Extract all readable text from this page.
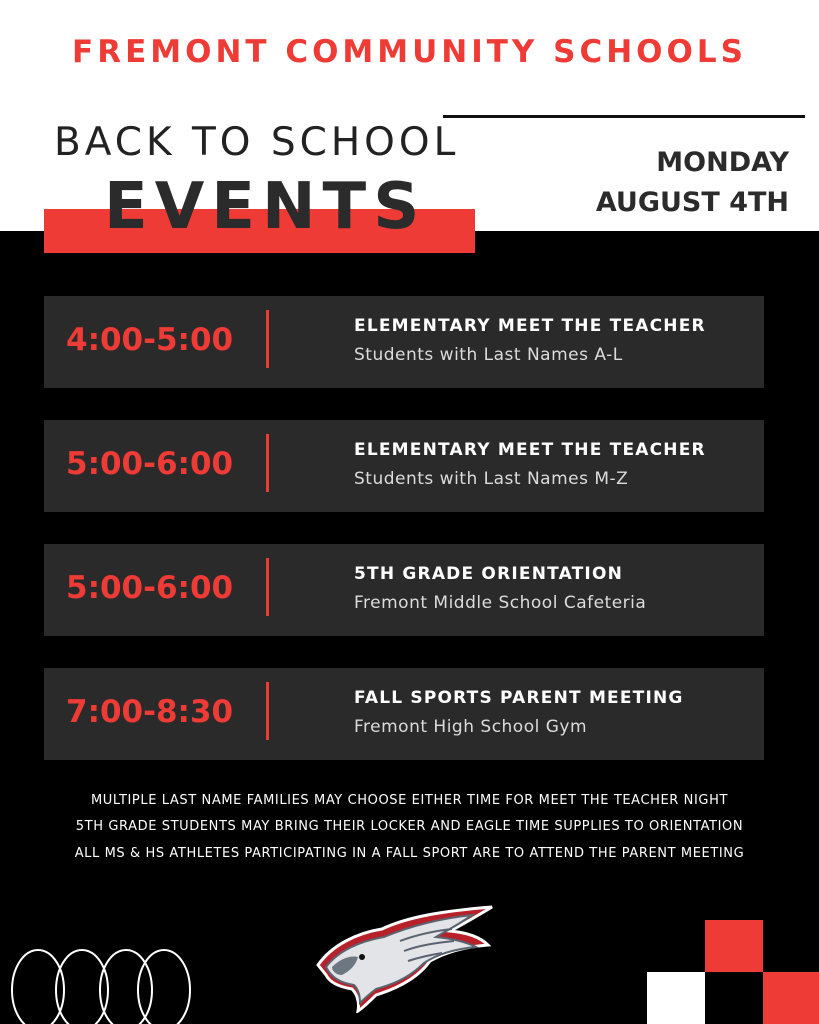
FREMONT COMMUNITY SCHOOLS
BACK TO SCHOOL
EVENTS
MONDAY
AUGUST 4TH
4:00-5:00	ELEMENTARY MEET THE TEACHER
Students with Last Names A-L
5:00-6:00	ELEMENTARY MEET THE TEACHER
Students with Last Names M-Z
5:00-6:00	5TH GRADE ORIENTATION
Fremont Middle School Cafeteria
7:00-8:30	FALL SPORTS PARENT MEETING
Fremont High School Gym

MULTIPLE LAST NAME FAMILIES MAY CHOOSE EITHER TIME FOR MEET THE TEACHER NIGHT

5TH GRADE STUDENTS MAY BRING THEIR LOCKER AND EAGLE TIME SUPPLIES TO ORIENTATION

ALL MS & HS ATHLETES PARTICIPATING IN A FALL SPORT ARE TO ATTEND THE PARENT MEETING
